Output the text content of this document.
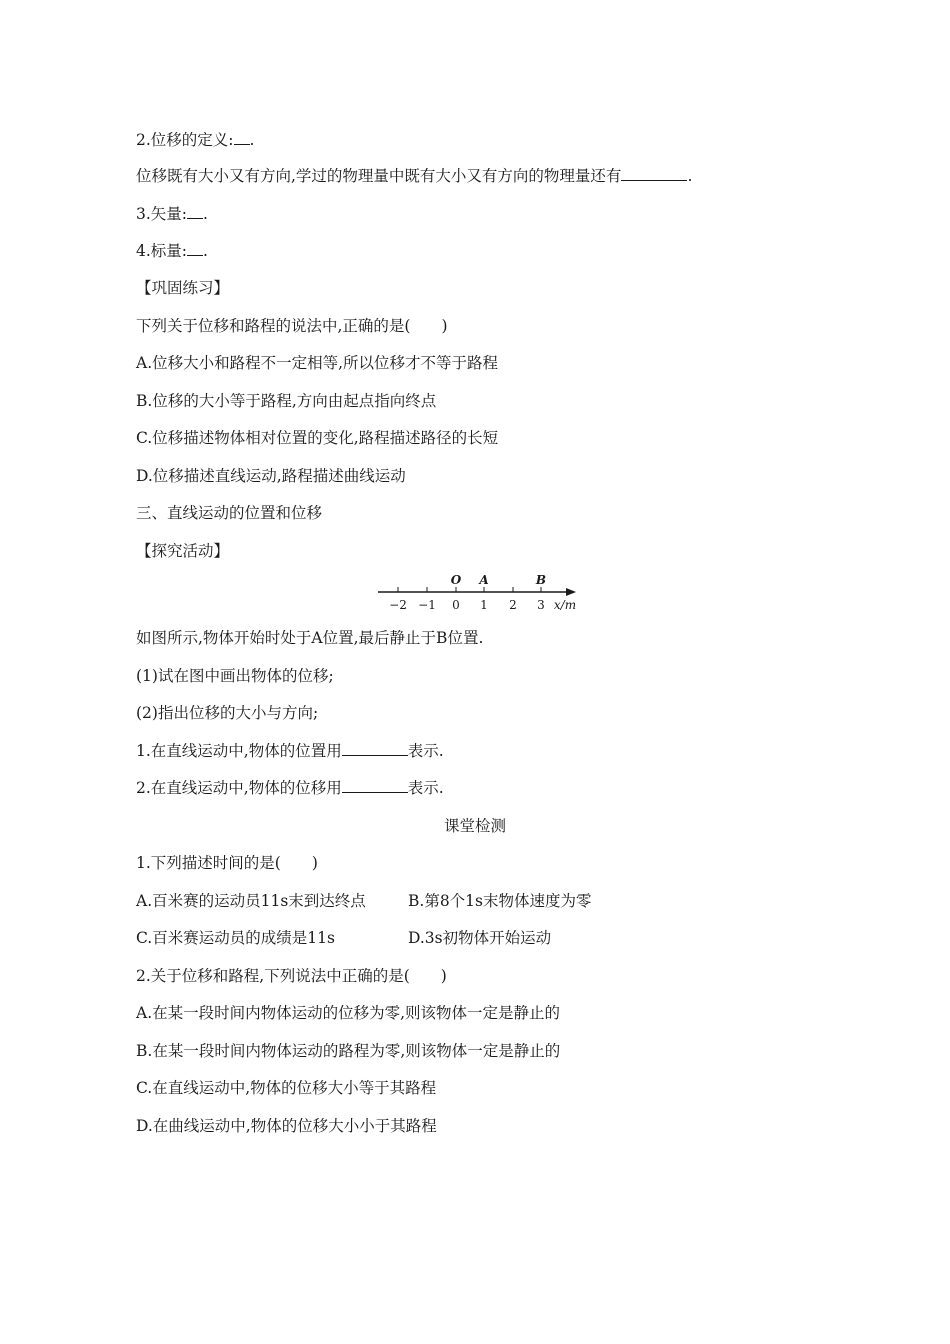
2.位移的定义: .
位移既有大小又有方向,学过的物理量中既有大小又有方向的物理量还有	.
3.矢量: .
4.标量: .
【巩固练习】
下列关于位移和路程的说法中,正确的是(　　)
A.位移大小和路程不一定相等,所以位移才不等于路程
B.位移的大小等于路程,方向由起点指向终点
C.位移描述物体相对位置的变化,路程描述路径的长短
D.位移描述直线运动,路程描述曲线运动
三、直线运动的位置和位移
【探究活动】
−2 −1 0 1 2 3 x/m
O A	B
如图所示,物体开始时处于A位置,最后静止于B位置.
(1)试在图中画出物体的位移;
(2)指出位移的大小与方向;
1.在直线运动中,物体的位置用	表示.
2.在直线运动中,物体的位移用	表示.
课堂检测
1.下列描述时间的是(　　)
A.百米赛的运动员11s末到达终点	B.第8个1s末物体速度为零
C.百米赛运动员的成绩是11s	D.3s初物体开始运动
2.关于位移和路程,下列说法中正确的是(　　)
A.在某一段时间内物体运动的位移为零,则该物体一定是静止的
B.在某一段时间内物体运动的路程为零,则该物体一定是静止的
C.在直线运动中,物体的位移大小等于其路程
D.在曲线运动中,物体的位移大小小于其路程
